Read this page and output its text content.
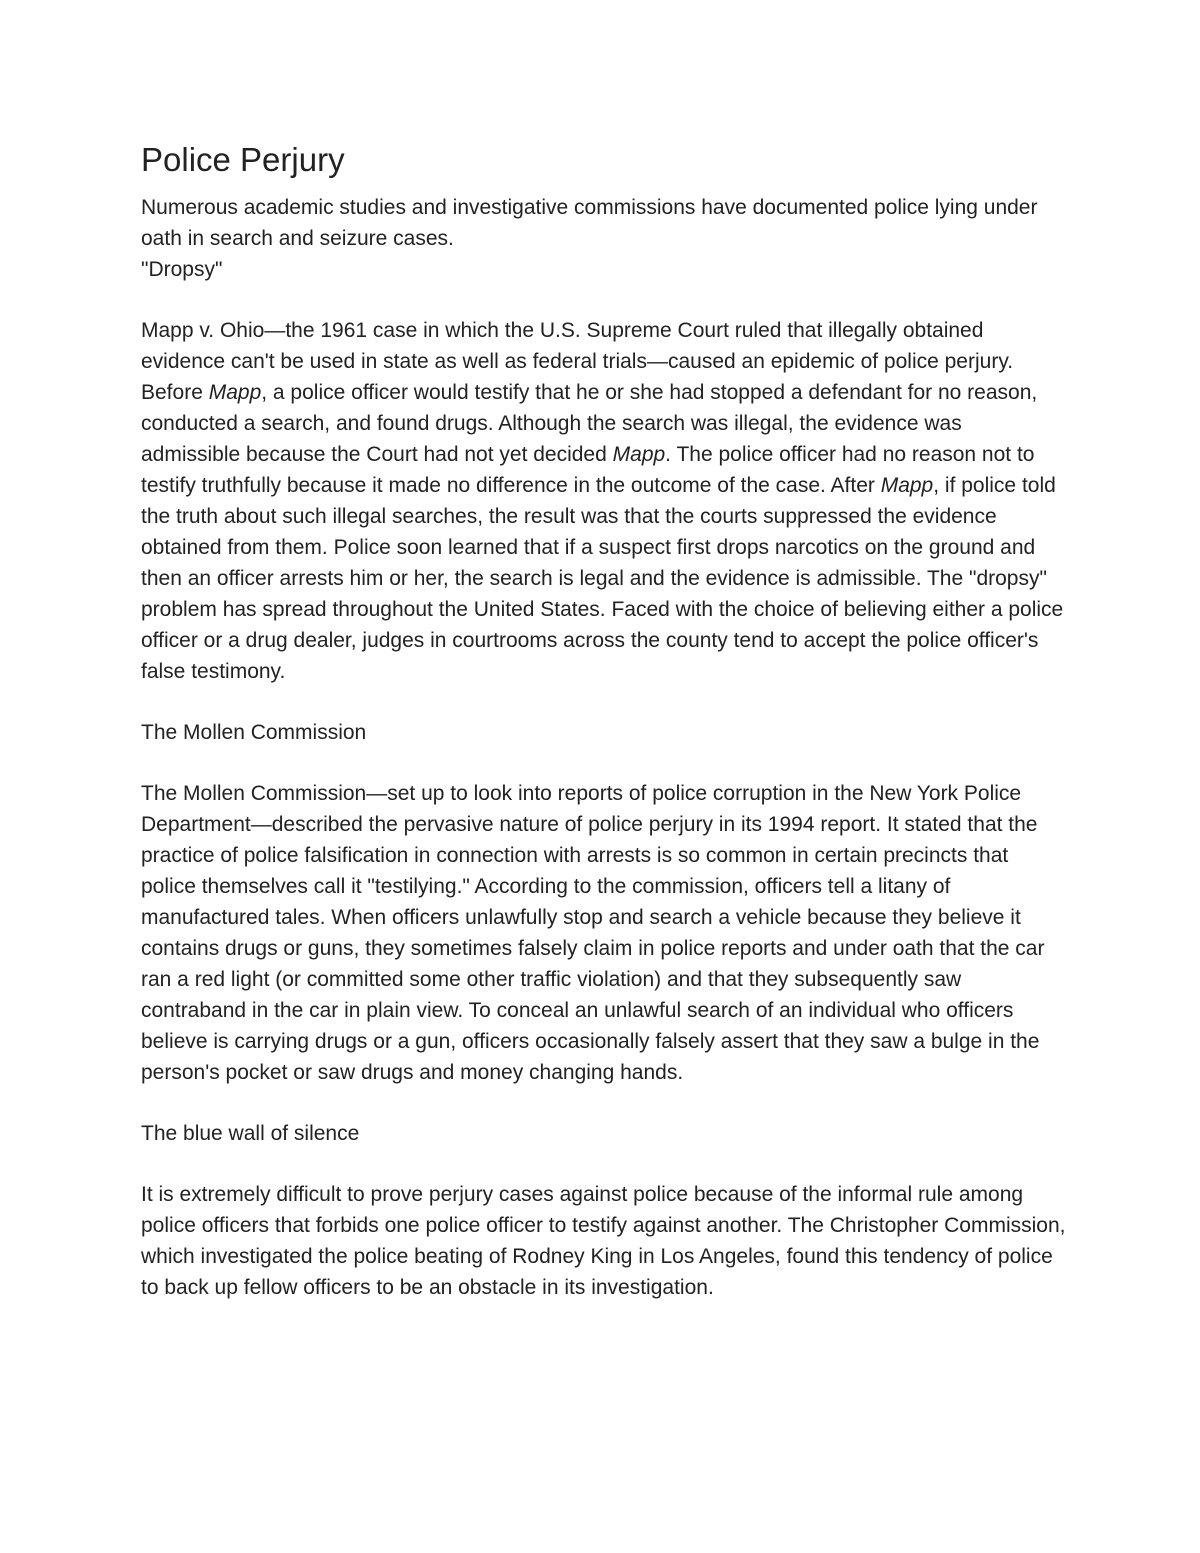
Police Perjury

Numerous academic studies and investigative commissions have documented police lying under oath in search and seizure cases.

"Dropsy"

Mapp v. Ohio—the 1961 case in which the U.S. Supreme Court ruled that illegally obtained evidence can't be used in state as well as federal trials—caused an epidemic of police perjury. Before Mapp, a police officer would testify that he or she had stopped a defendant for no reason, conducted a search, and found drugs. Although the search was illegal, the evidence was admissible because the Court had not yet decided Mapp. The police officer had no reason not to testify truthfully because it made no difference in the outcome of the case. After Mapp, if police told the truth about such illegal searches, the result was that the courts suppressed the evidence obtained from them. Police soon learned that if a suspect first drops narcotics on the ground and then an officer arrests him or her, the search is legal and the evidence is admissible. The "dropsy" problem has spread throughout the United States. Faced with the choice of believing either a police officer or a drug dealer, judges in courtrooms across the county tend to accept the police officer's false testimony.

The Mollen Commission

The Mollen Commission—set up to look into reports of police corruption in the New York Police Department—described the pervasive nature of police perjury in its 1994 report. It stated that the practice of police falsification in connection with arrests is so common in certain precincts that police themselves call it "testilying." According to the commission, officers tell a litany of manufactured tales. When officers unlawfully stop and search a vehicle because they believe it contains drugs or guns, they sometimes falsely claim in police reports and under oath that the car ran a red light (or committed some other traffic violation) and that they subsequently saw contraband in the car in plain view. To conceal an unlawful search of an individual who officers believe is carrying drugs or a gun, officers occasionally falsely assert that they saw a bulge in the person's pocket or saw drugs and money changing hands.

The blue wall of silence

It is extremely difficult to prove perjury cases against police because of the informal rule among police officers that forbids one police officer to testify against another. The Christopher Commission, which investigated the police beating of Rodney King in Los Angeles, found this tendency of police to back up fellow officers to be an obstacle in its investigation.
